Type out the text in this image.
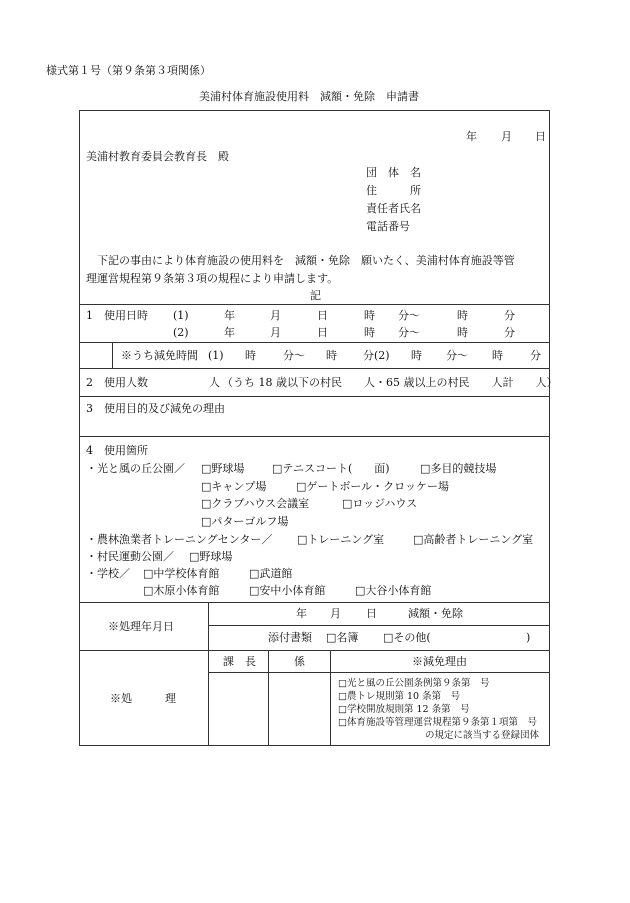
様式第１号（第９条第３項関係）
美浦村体育施設使用料　減額・免除　申請書
年 月 日
美浦村教育委員会教育長　殿
団　体　名
住　　　所
責任者氏名
電話番号
下記の事由により体育施設の使用料を　減額・免除　願いたく、美浦村体育施設等管
理運営規程第９条第３項の規程により申請します。
記
1　使用日時 (1)	年	月	日	時 分〜	時	分
(2)	年	月	日	時 分〜	時	分
※うち減免時間 (1) 時 分〜 時 分(2) 時 分〜 時 分
2　使用人数	人 （うち 18 歳以下の村民　　人・65 歳以上の村民　　人計　　人）
3　使用目的及び減免の理由
4　使用箇所
・光と風の丘公園／ □野球場	□テニスコート(　　面)	□多目的競技場
□キャンプ場	□ゲートボール・クロッケー場
□クラブハウス会議室	□ロッジハウス
□パターゴルフ場
・農林漁業者トレーニングセンター／ □トレーニング室	□高齢者トレーニング室
・村民運動公園／ □野球場
・学校／ □中学校体育館	□武道館
□木原小体育館	□安中小体育館	□大谷小体育館
※処理年月日
年 月 日	減額・免除
添付書類 □名簿 □その他(	)
※処　　　理
課　長	係	※減免理由
□光と風の丘公園条例第９条第　号
□農トレ規則第 10 条第　号
□学校開放規則第 12 条第　号
□体育施設等管理運営規程第９条第１項第　号
の規定に該当する登録団体
